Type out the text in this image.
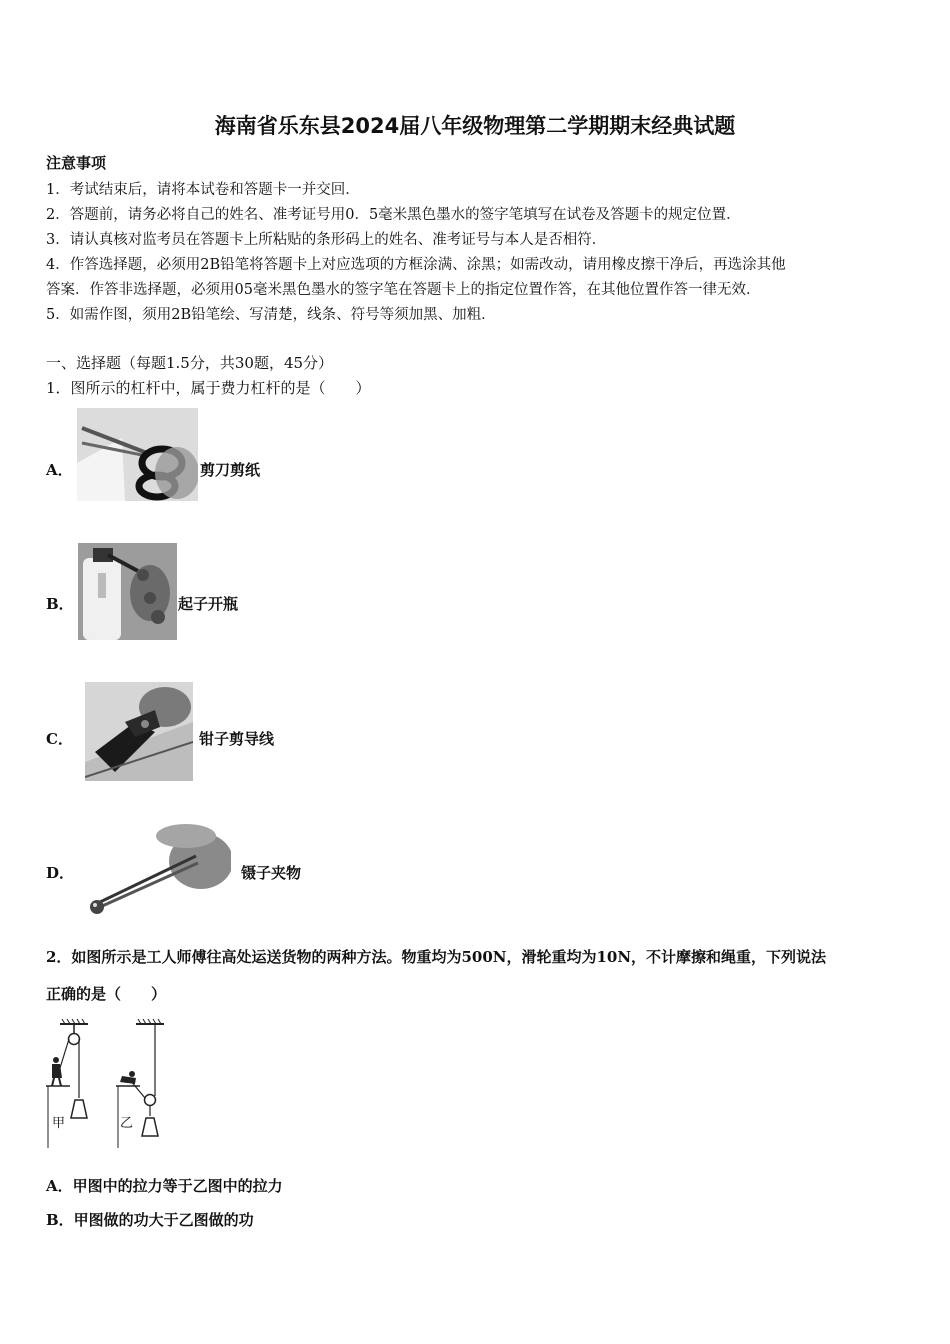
海南省乐东县2024届八年级物理第二学期期末经典试题
注意事项
1．考试结束后，请将本试卷和答题卡一并交回．
2．答题前，请务必将自己的姓名、准考证号用0．5毫米黑色墨水的签字笔填写在试卷及答题卡的规定位置．
3．请认真核对监考员在答题卡上所粘贴的条形码上的姓名、准考证号与本人是否相符．
4．作答选择题，必须用2B铅笔将答题卡上对应选项的方框涂满、涂黑；如需改动，请用橡皮擦干净后，再选涂其他
答案．作答非选择题，必须用05毫米黑色墨水的签字笔在答题卡上的指定位置作答，在其他位置作答一律无效．
5．如需作图，须用2B铅笔绘、写清楚，线条、符号等须加黑、加粗．
一、选择题（每题1.5分，共30题，45分）
1．图所示的杠杆中，属于费力杠杆的是（　　）
A．	剪刀剪纸
B．	起子开瓶
C．	钳子剪导线
D．	镊子夹物
2．如图所示是工人师傅往高处运送货物的两种方法。物重均为500N，滑轮重均为10N，不计摩擦和绳重，下列说法
正确的是（　　）
甲	乙
A．甲图中的拉力等于乙图中的拉力
B．甲图做的功大于乙图做的功
